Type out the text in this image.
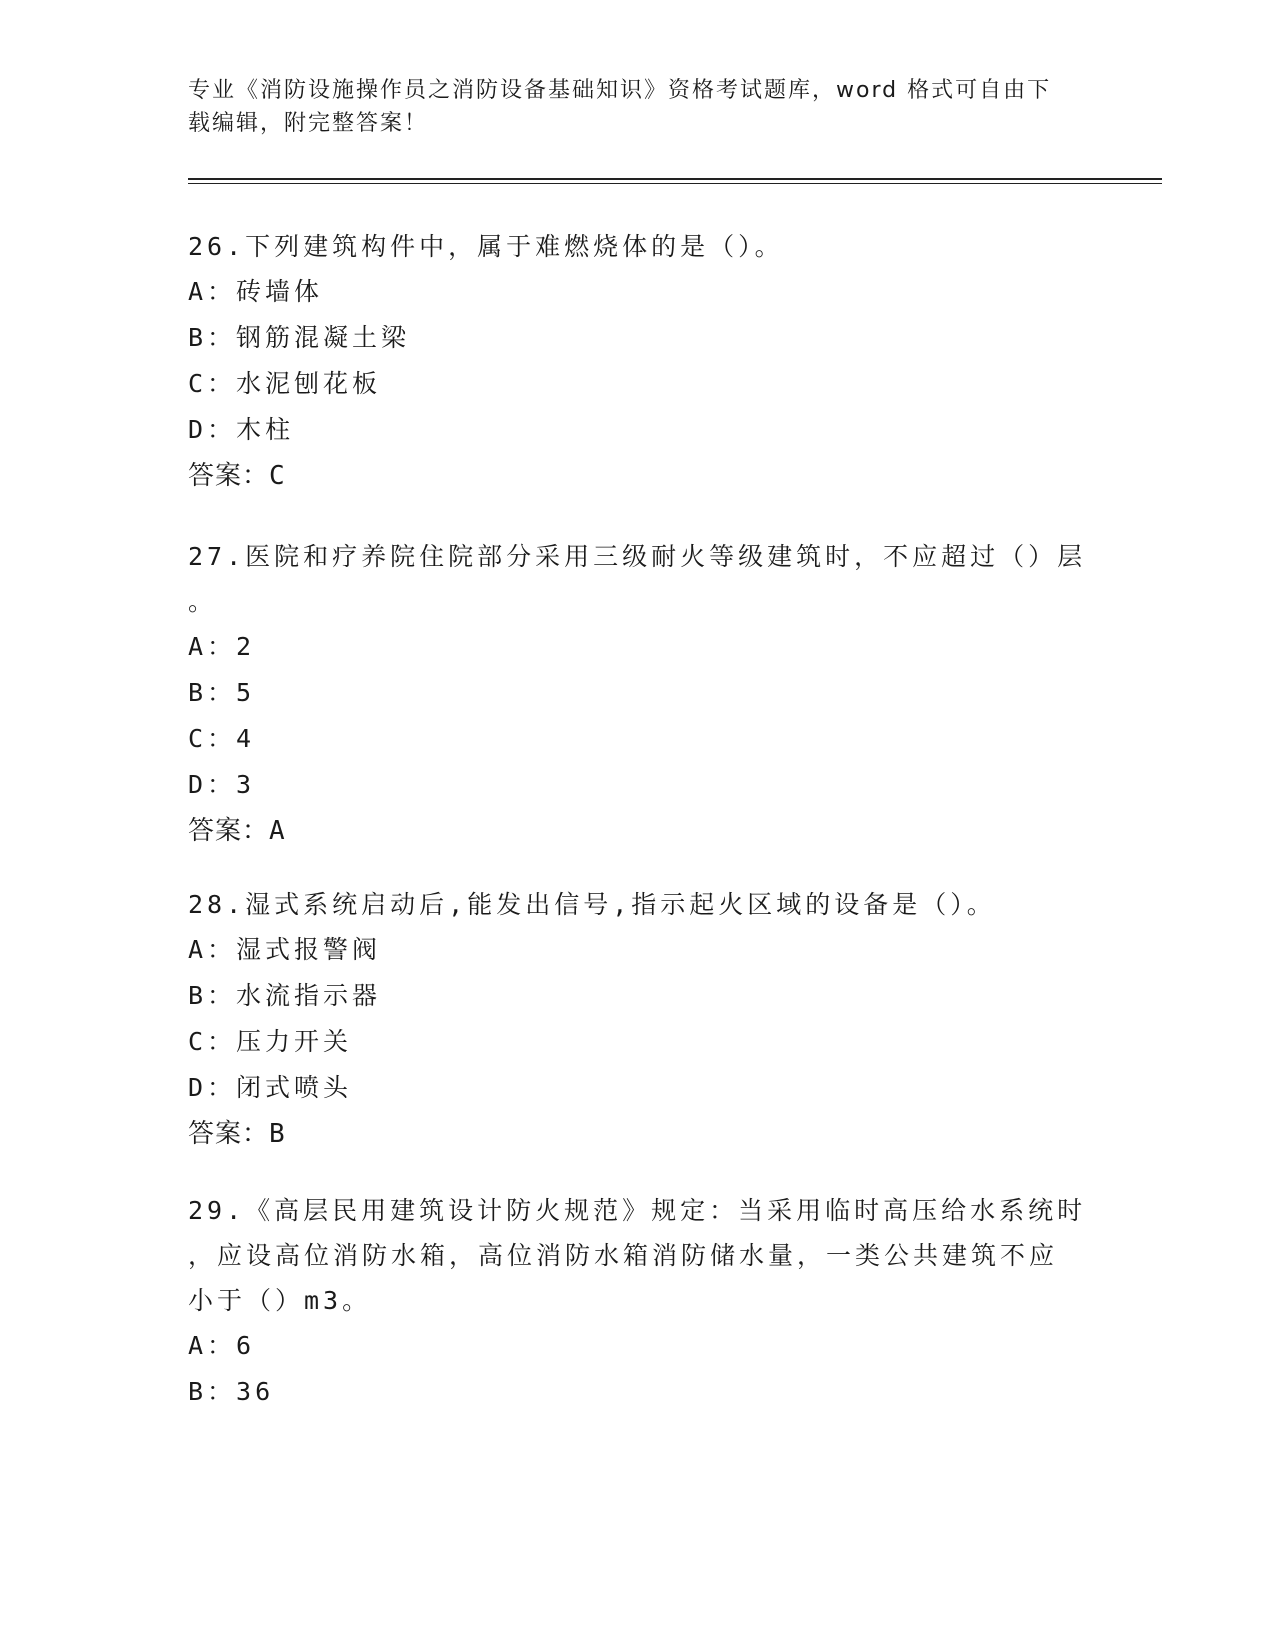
专业《消防设施操作员之消防设备基础知识》资格考试题库，word 格式可自由下
载编辑，附完整答案！
26.下列建筑构件中，属于难燃烧体的是（）。
A：砖墙体
B：钢筋混凝土梁
C：水泥刨花板
D：木柱
答案：C
27.医院和疗养院住院部分采用三级耐火等级建筑时，不应超过（）层
。
A：2
B：5
C：4
D：3
答案：A
28.湿式系统启动后,能发出信号,指示起火区域的设备是（）。
A：湿式报警阀
B：水流指示器
C：压力开关
D：闭式喷头
答案：B
29.《高层民用建筑设计防火规范》规定：当采用临时高压给水系统时
，应设高位消防水箱，高位消防水箱消防储水量，一类公共建筑不应
小于（）m3。
A：6
B：36
